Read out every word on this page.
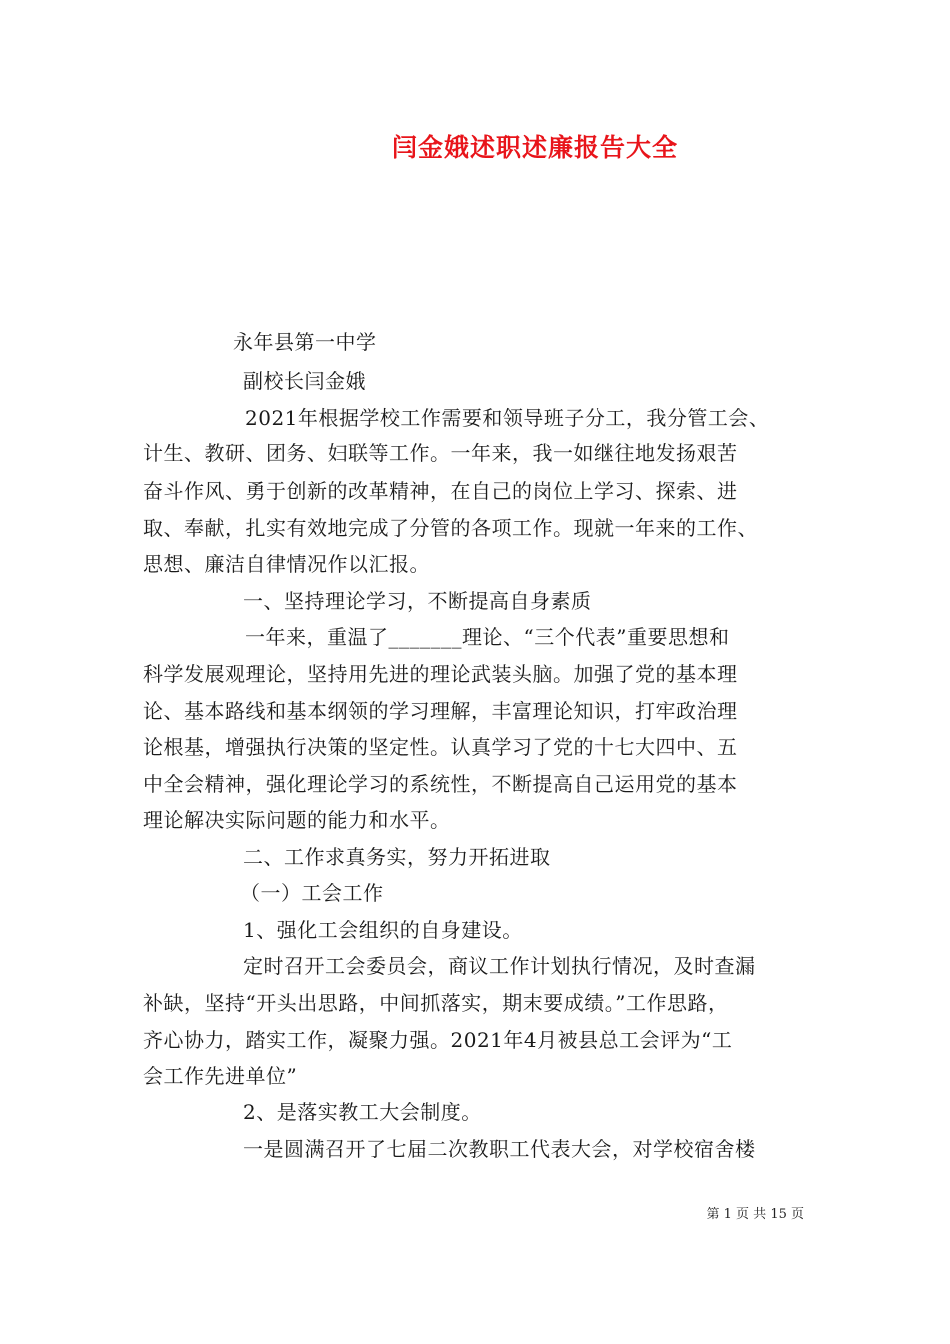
闫金娥述职述廉报告大全
永年县第一中学
副校长闫金娥
2021年根据学校工作需要和领导班子分工，我分管工会、
计生、教研、团务、妇联等工作。一年来，我一如继往地发扬艰苦
奋斗作风、勇于创新的改革精神，在自己的岗位上学习、探索、进
取、奉献，扎实有效地完成了分管的各项工作。现就一年来的工作、
思想、廉洁自律情况作以汇报。
一、坚持理论学习，不断提高自身素质
一年来，重温了_______理论、“三个代表”重要思想和
科学发展观理论，坚持用先进的理论武装头脑。加强了党的基本理
论、基本路线和基本纲领的学习理解，丰富理论知识，打牢政治理
论根基，增强执行决策的坚定性。认真学习了党的十七大四中、五
中全会精神，强化理论学习的系统性，不断提高自己运用党的基本
理论解决实际问题的能力和水平。
二、工作求真务实，努力开拓进取
（一）工会工作
1、强化工会组织的自身建设。
定时召开工会委员会，商议工作计划执行情况，及时查漏
补缺，坚持“开头出思路，中间抓落实，期末要成绩。”工作思路，
齐心协力，踏实工作，凝聚力强。2021年4月被县总工会评为“工
会工作先进单位”
2、是落实教工大会制度。
一是圆满召开了七届二次教职工代表大会，对学校宿舍楼
第 1 页 共 15 页
